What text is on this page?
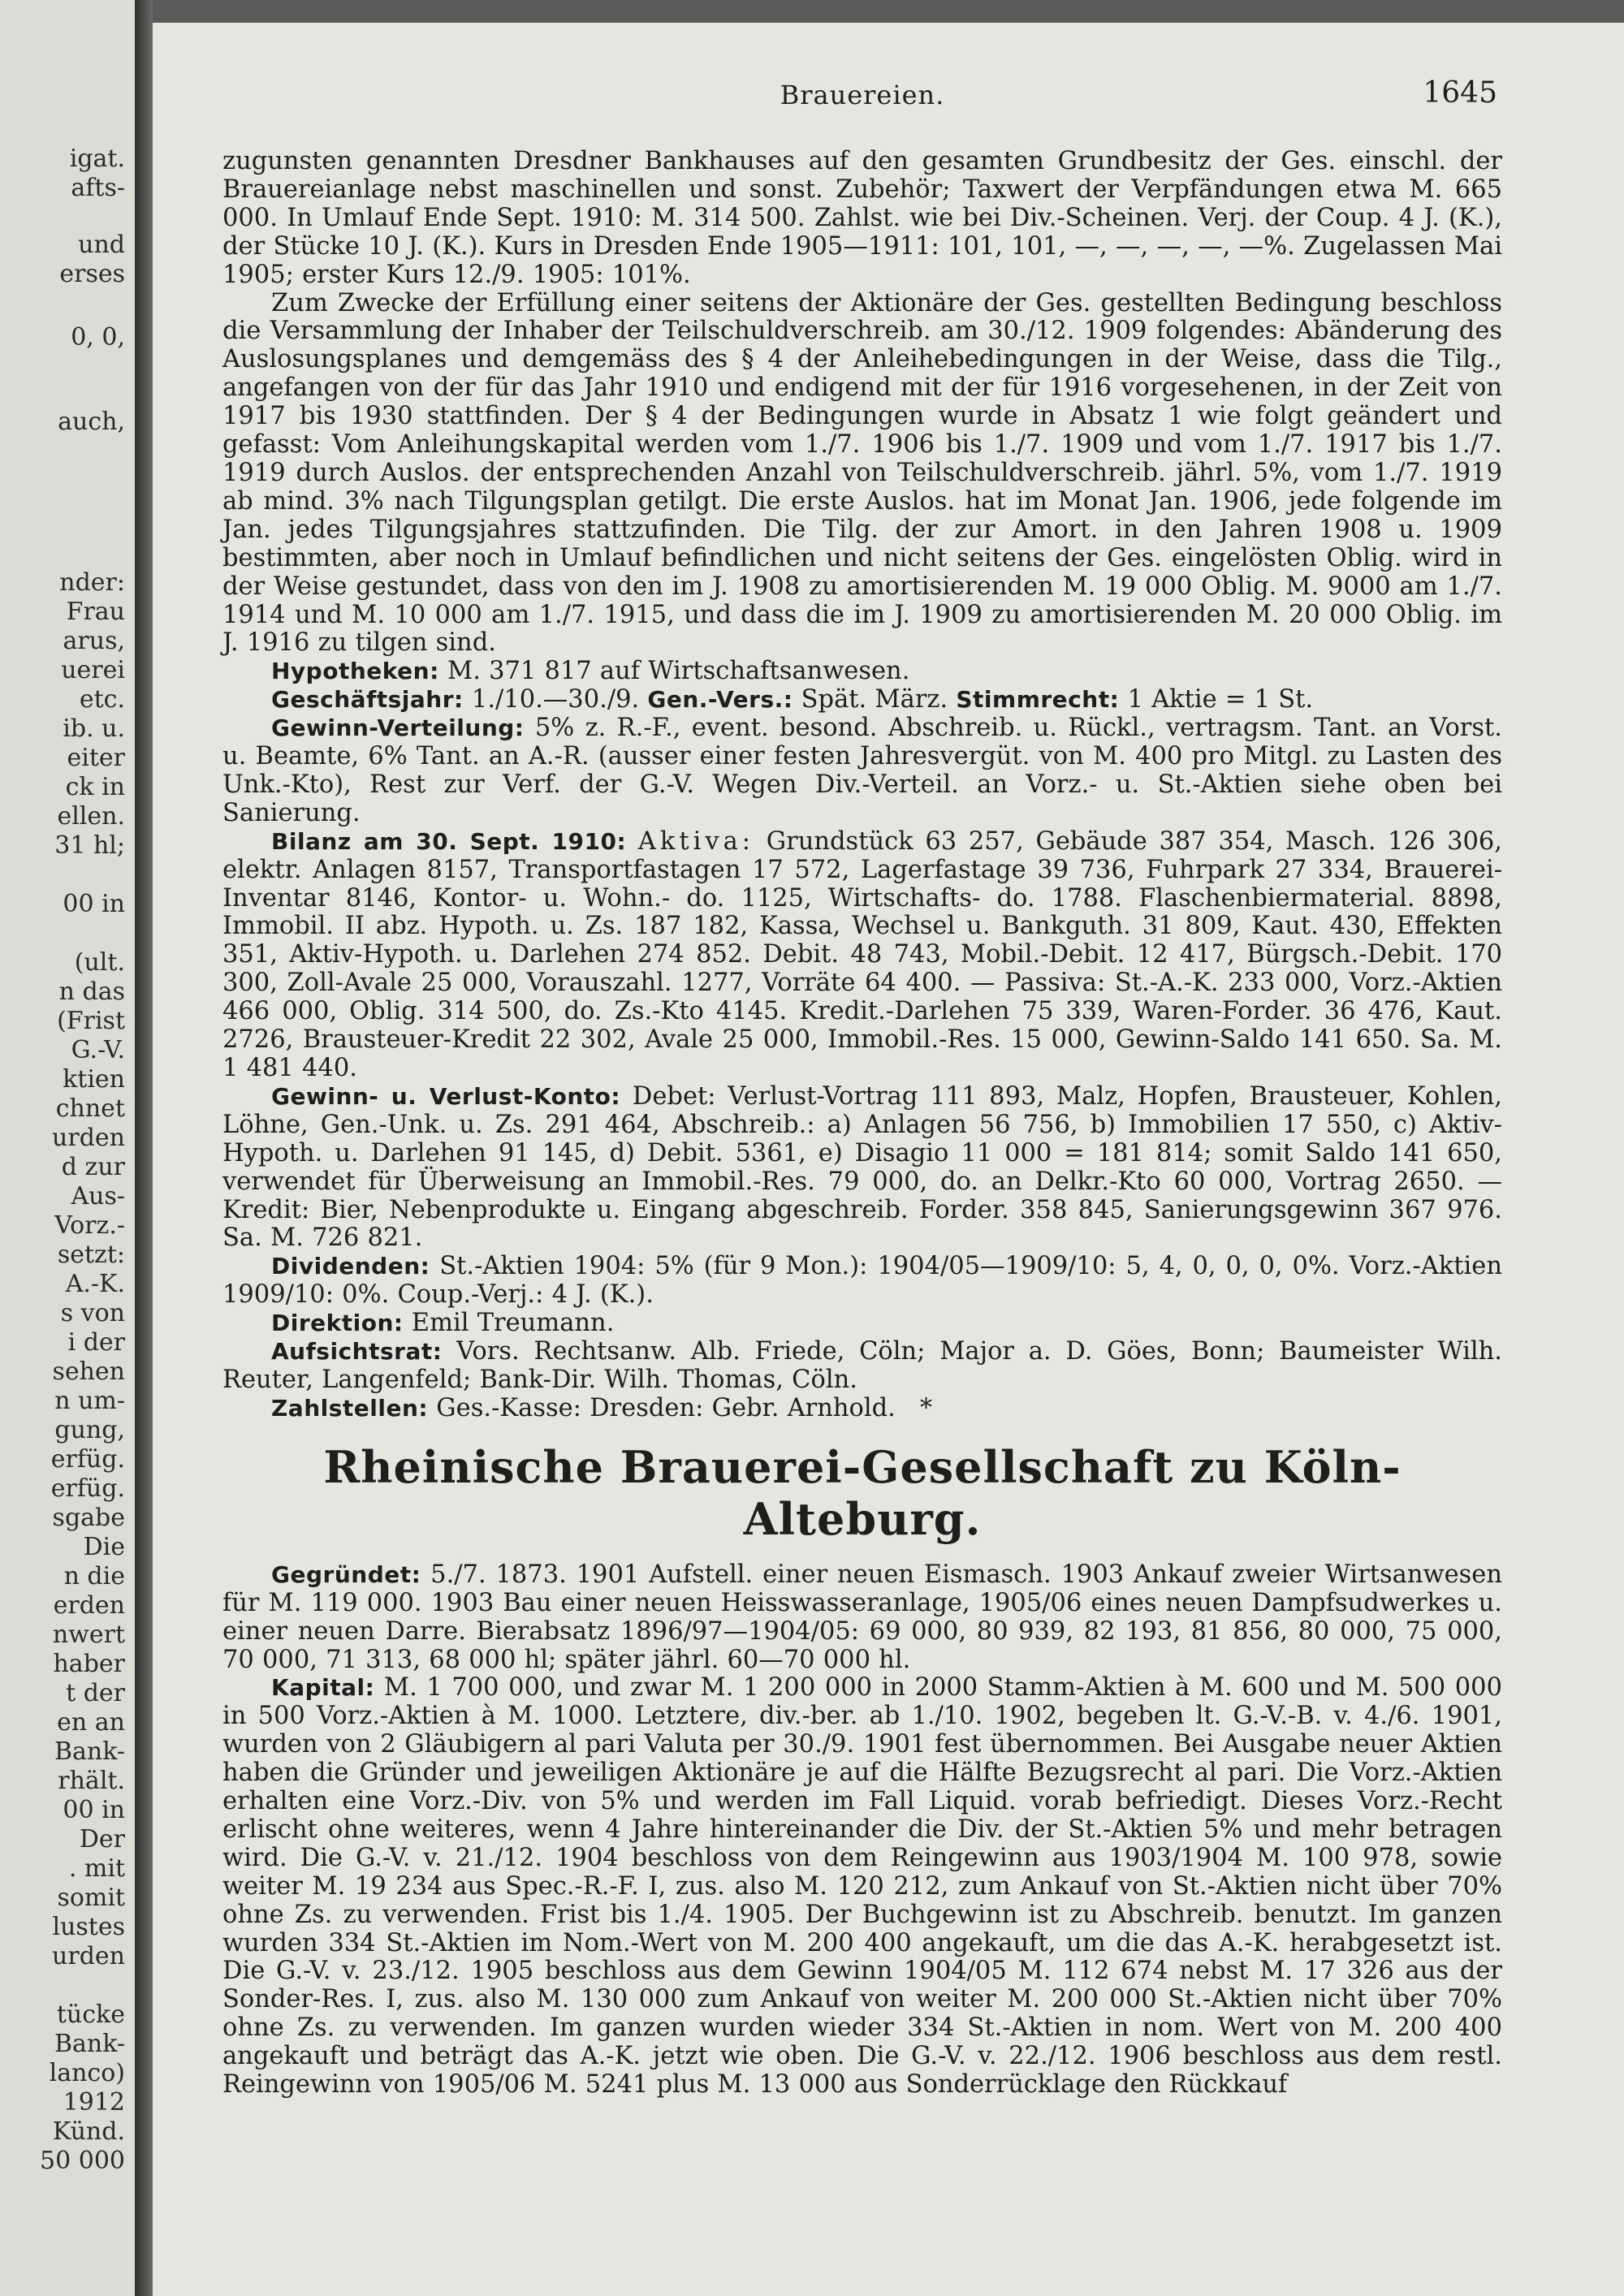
igat.
afts-
und
erses
0, 0,
auch,
nder:
Frau
arus,
uerei
etc.
ib. u.
eiter
ck in
ellen.
31 hl;
00 in
(ult.
n das
(Frist
G.-V.
ktien
chnet
urden
d zur
Aus-
Vorz.-
setzt:
A.-K.
s von
i der
sehen
n um-
gung,
erfüg.
erfüg.
sgabe
Die
n die
erden
nwert
haber
t der
en an
Bank-
rhält.
00 in
Der
. mit
somit
lustes
urden
tücke
Bank-
lanco)
1912
Künd.
50 000
Brauereien.	1645

zugunsten genannten Dresdner Bankhauses auf den gesamten Grundbesitz der Ges. einschl. der Brauereianlage nebst maschinellen und sonst. Zubehör; Taxwert der Verpfändungen etwa M. 665 000. In Umlauf Ende Sept. 1910: M. 314 500. Zahlst. wie bei Div.-Scheinen. Verj. der Coup. 4 J. (K.), der Stücke 10 J. (K.). Kurs in Dresden Ende 1905—1911: 101, 101, —, —, —, —, —%. Zugelassen Mai 1905; erster Kurs 12./9. 1905: 101%.

Zum Zwecke der Erfüllung einer seitens der Aktionäre der Ges. gestellten Bedingung beschloss die Versammlung der Inhaber der Teilschuldverschreib. am 30./12. 1909 folgendes: Abänderung des Auslosungsplanes und demgemäss des § 4 der Anleihebedingungen in der Weise, dass die Tilg., angefangen von der für das Jahr 1910 und endigend mit der für 1916 vorgesehenen, in der Zeit von 1917 bis 1930 stattfinden. Der § 4 der Bedingungen wurde in Absatz 1 wie folgt geändert und gefasst: Vom Anleihungskapital werden vom 1./7. 1906 bis 1./7. 1909 und vom 1./7. 1917 bis 1./7. 1919 durch Auslos. der entsprechenden Anzahl von Teilschuldverschreib. jährl. 5%, vom 1./7. 1919 ab mind. 3% nach Tilgungsplan getilgt. Die erste Auslos. hat im Monat Jan. 1906, jede folgende im Jan. jedes Tilgungsjahres stattzufinden. Die Tilg. der zur Amort. in den Jahren 1908 u. 1909 bestimmten, aber noch in Umlauf befindlichen und nicht seitens der Ges. eingelösten Oblig. wird in der Weise gestundet, dass von den im J. 1908 zu amortisierenden M. 19 000 Oblig. M. 9000 am 1./7. 1914 und M. 10 000 am 1./7. 1915, und dass die im J. 1909 zu amortisierenden M. 20 000 Oblig. im J. 1916 zu tilgen sind.

Hypotheken: M. 371 817 auf Wirtschaftsanwesen.

Geschäftsjahr: 1./10.—30./9. Gen.-Vers.: Spät. März. Stimmrecht: 1 Aktie = 1 St.

Gewinn-Verteilung: 5% z. R.-F., event. besond. Abschreib. u. Rückl., vertragsm. Tant. an Vorst. u. Beamte, 6% Tant. an A.-R. (ausser einer festen Jahresvergüt. von M. 400 pro Mitgl. zu Lasten des Unk.-Kto), Rest zur Verf. der G.-V. Wegen Div.-Verteil. an Vorz.- u. St.-Aktien siehe oben bei Sanierung.

Bilanz am 30. Sept. 1910: Aktiva: Grundstück 63 257, Gebäude 387 354, Masch. 126 306, elektr. Anlagen 8157, Transportfastagen 17 572, Lagerfastage 39 736, Fuhrpark 27 334, Brauerei-Inventar 8146, Kontor- u. Wohn.- do. 1125, Wirtschafts- do. 1788. Flaschenbiermaterial. 8898, Immobil. II abz. Hypoth. u. Zs. 187 182, Kassa, Wechsel u. Bankguth. 31 809, Kaut. 430, Effekten 351, Aktiv-Hypoth. u. Darlehen 274 852. Debit. 48 743, Mobil.-Debit. 12 417, Bürgsch.-Debit. 170 300, Zoll-Avale 25 000, Vorauszahl. 1277, Vorräte 64 400. — Passiva: St.-A.-K. 233 000, Vorz.-Aktien 466 000, Oblig. 314 500, do. Zs.-Kto 4145. Kredit.-Darlehen 75 339, Waren-Forder. 36 476, Kaut. 2726, Brausteuer-Kredit 22 302, Avale 25 000, Immobil.-Res. 15 000, Gewinn-Saldo 141 650. Sa. M. 1 481 440.

Gewinn- u. Verlust-Konto: Debet: Verlust-Vortrag 111 893, Malz, Hopfen, Brausteuer, Kohlen, Löhne, Gen.-Unk. u. Zs. 291 464, Abschreib.: a) Anlagen 56 756, b) Immobilien 17 550, c) Aktiv-Hypoth. u. Darlehen 91 145, d) Debit. 5361, e) Disagio 11 000 = 181 814; somit Saldo 141 650, verwendet für Überweisung an Immobil.-Res. 79 000, do. an Delkr.-Kto 60 000, Vortrag 2650. — Kredit: Bier, Nebenprodukte u. Eingang abgeschreib. Forder. 358 845, Sanierungsgewinn 367 976. Sa. M. 726 821.

Dividenden: St.-Aktien 1904: 5% (für 9 Mon.): 1904/05—1909/10: 5, 4, 0, 0, 0, 0%. Vorz.-Aktien 1909/10: 0%. Coup.-Verj.: 4 J. (K.).

Direktion: Emil Treumann.

Aufsichtsrat: Vors. Rechtsanw. Alb. Friede, Cöln; Major a. D. Göes, Bonn; Baumeister Wilh. Reuter, Langenfeld; Bank-Dir. Wilh. Thomas, Cöln.

Zahlstellen: Ges.-Kasse: Dresden: Gebr. Arnhold. *

Rheinische Brauerei-Gesellschaft zu Köln-Alteburg.

Gegründet: 5./7. 1873. 1901 Aufstell. einer neuen Eismasch. 1903 Ankauf zweier Wirtsanwesen für M. 119 000. 1903 Bau einer neuen Heisswasseranlage, 1905/06 eines neuen Dampfsudwerkes u. einer neuen Darre. Bierabsatz 1896/97—1904/05: 69 000, 80 939, 82 193, 81 856, 80 000, 75 000, 70 000, 71 313, 68 000 hl; später jährl. 60—70 000 hl.

Kapital: M. 1 700 000, und zwar M. 1 200 000 in 2000 Stamm-Aktien à M. 600 und M. 500 000 in 500 Vorz.-Aktien à M. 1000. Letztere, div.-ber. ab 1./10. 1902, begeben lt. G.-V.-B. v. 4./6. 1901, wurden von 2 Gläubigern al pari Valuta per 30./9. 1901 fest übernommen. Bei Ausgabe neuer Aktien haben die Gründer und jeweiligen Aktionäre je auf die Hälfte Bezugsrecht al pari. Die Vorz.-Aktien erhalten eine Vorz.-Div. von 5% und werden im Fall Liquid. vorab befriedigt. Dieses Vorz.-Recht erlischt ohne weiteres, wenn 4 Jahre hintereinander die Div. der St.-Aktien 5% und mehr betragen wird. Die G.-V. v. 21./12. 1904 beschloss von dem Reingewinn aus 1903/1904 M. 100 978, sowie weiter M. 19 234 aus Spec.-R.-F. I, zus. also M. 120 212, zum Ankauf von St.-Aktien nicht über 70% ohne Zs. zu verwenden. Frist bis 1./4. 1905. Der Buchgewinn ist zu Abschreib. benutzt. Im ganzen wurden 334 St.-Aktien im Nom.-Wert von M. 200 400 angekauft, um die das A.-K. herabgesetzt ist. Die G.-V. v. 23./12. 1905 beschloss aus dem Gewinn 1904/05 M. 112 674 nebst M. 17 326 aus der Sonder-Res. I, zus. also M. 130 000 zum Ankauf von weiter M. 200 000 St.-Aktien nicht über 70% ohne Zs. zu verwenden. Im ganzen wurden wieder 334 St.-Aktien in nom. Wert von M. 200 400 angekauft und beträgt das A.-K. jetzt wie oben. Die G.-V. v. 22./12. 1906 beschloss aus dem restl. Reingewinn von 1905/06 M. 5241 plus M. 13 000 aus Sonderrücklage den Rückkauf
